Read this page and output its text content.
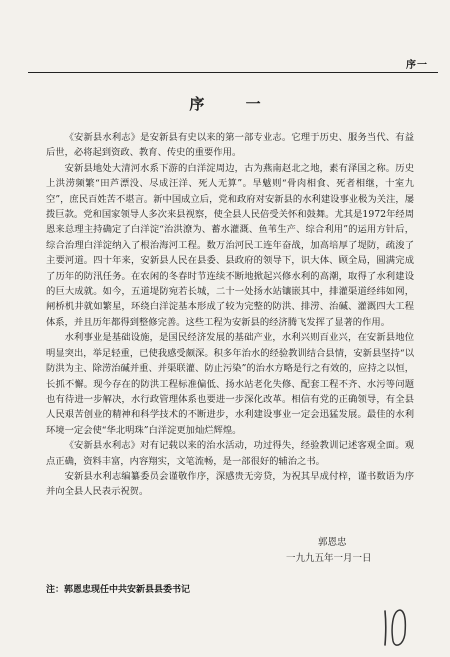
序一
序 一

《安新县水利志》是安新县有史以来的第一部专业志。它理于历史、服务当代、有益后世，必将起到资政、教育、传史的重要作用。

安新县地处大清河水系下游的白洋淀周边，古为燕南赵北之地，素有泽国之称。历史上洪涝频繁“田芦漂没、尽成汪洋、死人无算”。旱魃则“骨肉相食、死者相继，十室九空”，庶民百姓苦不堪言。新中国成立后，党和政府对安新县的水利建设事业极为关注，屡拨巨款。党和国家领导人多次来县视察，使全县人民倍受关怀和鼓舞。尤其是1972年经周恩来总理主持确定了白洋淀“治洪潦为、蓄水灌溉、鱼苇生产、综合利用”的运用方针后，综合治理白洋淀纳入了根治海河工程。数万治河民工连年奋战，加高培厚了堤防，疏浚了主要河道。四十年来，安新县人民在县委、县政府的领导下，识大体、顾全局，圆满完成了历年的防汛任务。在农闲的冬春时节连续不断地掀起兴修水利的高潮，取得了水利建设的巨大成就。如今，五道堤防宛若长城，二十一处扬水站镶嵌其中，排灌渠道经纬如网，闸桥机井就如繁星，环绕白洋淀基本形成了较为完整的防洪、排涝、治碱、灌溉四大工程体系，并且历年都得到整修完善。这些工程为安新县的经济腾飞发挥了显著的作用。

水利事业是基础设施，是国民经济发展的基础产业，水利兴则百业兴，在安新县地位明显突出，举足轻重，已使我感受颇深。积多年治水的经验教训结合县情，安新县坚持“以防洪为主、除涝治碱并重、并渠联灌、防止污染”的治水方略是行之有效的，应持之以恒，长抓不懈。现今存在的防洪工程标准偏低、扬水站老化失修、配套工程不齐、水污等问题也有待进一步解决，水行政管理体系也要进一步深化改革。相信有党的正确领导，有全县人民艰苦创业的精神和科学技术的不断进步，水利建设事业一定会迅猛发展。最佳的水利环境一定会使“华北明珠”白洋淀更加灿烂辉煌。

《安新县水利志》对有记载以来的治水活动，功过得失，经验教训记述客观全面。观点正确，资料丰富，内容翔实，文笔流畅，是一部很好的辅治之书。

安新县水利志编纂委员会谨敬作序，深感贵无旁贷，为祝其早成付梓，谨书数语为序并向全县人民表示祝贺。

郭恩忠
一九九五年一月一日
注：郭恩忠现任中共安新县县委书记
